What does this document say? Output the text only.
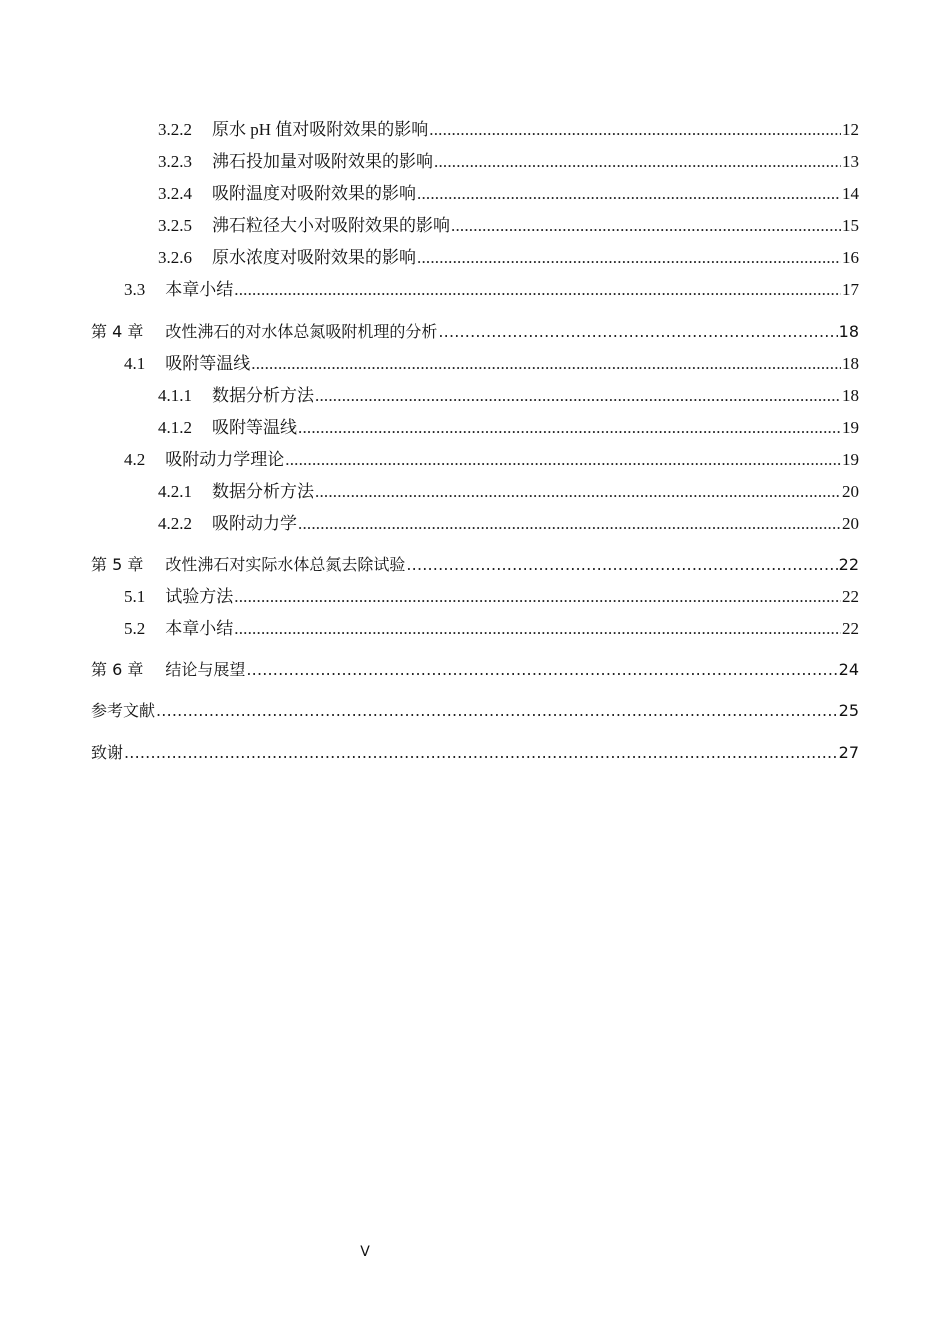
3.2.2 原水 pH 值对吸附效果的影响 .....	12
3.2.3 沸石投加量对吸附效果的影响 .....	13
3.2.4 吸附温度对吸附效果的影响 .....	14
3.2.5 沸石粒径大小对吸附效果的影响 .....	15
3.2.6 原水浓度对吸附效果的影响 .....	16
3.3 本章小结 .....	17
第 4 章 改性沸石的对水体总氮吸附机理的分析 .....	18
4.1 吸附等温线 .....	18
4.1.1 数据分析方法 .....	18
4.1.2 吸附等温线 .....	19
4.2 吸附动力学理论 .....	19
4.2.1 数据分析方法 .....	20
4.2.2 吸附动力学 .....	20
第 5 章 改性沸石对实际水体总氮去除试验 .....	22
5.1 试验方法 .....	22
5.2 本章小结 .....	22
第 6 章 结论与展望 .....	24
参考文献 .....	25
致谢 .....	27
V
